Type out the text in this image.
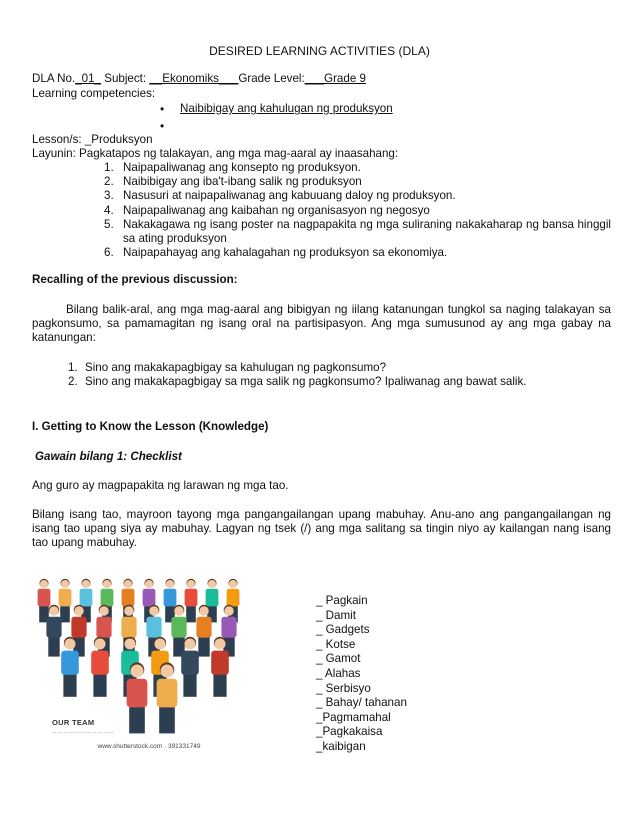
DESIRED LEARNING ACTIVITIES (DLA)
DLA No._01_ Subject: __Ekonomiks___Grade Level:___Grade 9
Learning competencies:
• Naibibigay ang kahulugan ng produksyon
•
Lesson/s: _Produksyon
Layunin: Pagkatapos ng talakayan, ang mga mag-aaral ay inaasahang:
1. Naipapaliwanag ang konsepto ng produksyon.
2. Naibibigay ang iba't-ibang salik ng produksyon
3. Nasusuri at naipapaliwanag ang kabuuang daloy ng produksyon.
4. Naipapaliwanag ang kaibahan ng organisasyon ng negosyo
5. Nakakagawa ng isang poster na nagpapakita ng mga suliraning nakakaharap ng bansa hinggil sa ating produksyon
6. Naipapahayag ang kahalagahan ng produksyon sa ekonomiya.
Recalling of the previous discussion:
Bilang balik-aral, ang mga mag-aaral ang bibigyan ng iilang katanungan tungkol sa naging talakayan sa pagkonsumo, sa pamamagitan ng isang oral na partisipasyon. Ang mga sumusunod ay ang mga gabay na katanungan:
1. Sino ang makakapagbigay sa kahulugan ng pagkonsumo?
2. Sino ang makakapagbigay sa mga salik ng pagkonsumo? Ipaliwanag ang bawat salik.
I. Getting to Know the Lesson (Knowledge)
Gawain bilang 1: Checklist
Ang guro ay magpapakita ng larawan ng mga tao.
Bilang isang tao, mayroon tayong mga pangangailangan upang mabuhay. Anu-ano ang pangangailangan ng isang tao upang siya ay mabuhay. Lagyan ng tsek (/) ang mga salitang sa tingin niyo ay kailangan nang isang tao upang mabuhay.
OUR TEAM
— — — — — — — — — — —
www.shutterstock.com · 391331749
_ Pagkain
_ Damit
_ Gadgets
_ Kotse
_ Gamot
_ Alahas
_ Serbisyo
_ Bahay/ tahanan
_Pagmamahal
_Pagkakaisa
_kaibigan
